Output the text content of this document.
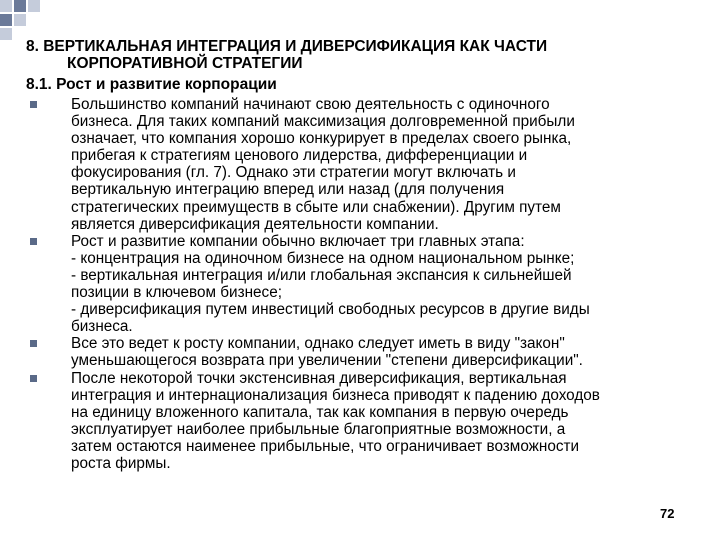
8. ВЕРТИКАЛЬНАЯ ИНТЕГРАЦИЯ И ДИВЕРСИФИКАЦИЯ КАК ЧАСТИ
КОРПОРАТИВНОЙ СТРАТЕГИИ
8.1. Рост и развитие корпорации
Большинство компаний начинают свою деятельность с одиночного
бизнеса. Для таких компаний максимизация долговременной прибыли
означает, что компания хорошо конкурирует в пределах своего рынка,
прибегая к стратегиям ценового лидерства, дифференциации и
фокусирования (гл. 7). Однако эти стратегии могут включать и
вертикальную интеграцию вперед или назад (для получения
стратегических преимуществ в сбыте или снабжении). Другим путем
является диверсификация деятельности компании.
Рост и развитие компании обычно включает три главных этапа:
- концентрация на одиночном бизнесе на одном национальном рынке;
- вертикальная интеграция и/или глобальная экспансия к сильнейшей
позиции в ключевом бизнесе;
- диверсификация путем инвестиций свободных ресурсов в другие виды
бизнеса.
Все это ведет к росту компании, однако следует иметь в виду "закон"
уменьшающегося возврата при увеличении "степени диверсификации".
После некоторой точки экстенсивная диверсификация, вертикальная
интеграция и интернационализация бизнеса приводят к падению доходов
на единицу вложенного капитала, так как компания в первую очередь
эксплуатирует наиболее прибыльные благоприятные возможности, а
затем остаются наименее прибыльные, что ограничивает возможности
роста фирмы.
72
